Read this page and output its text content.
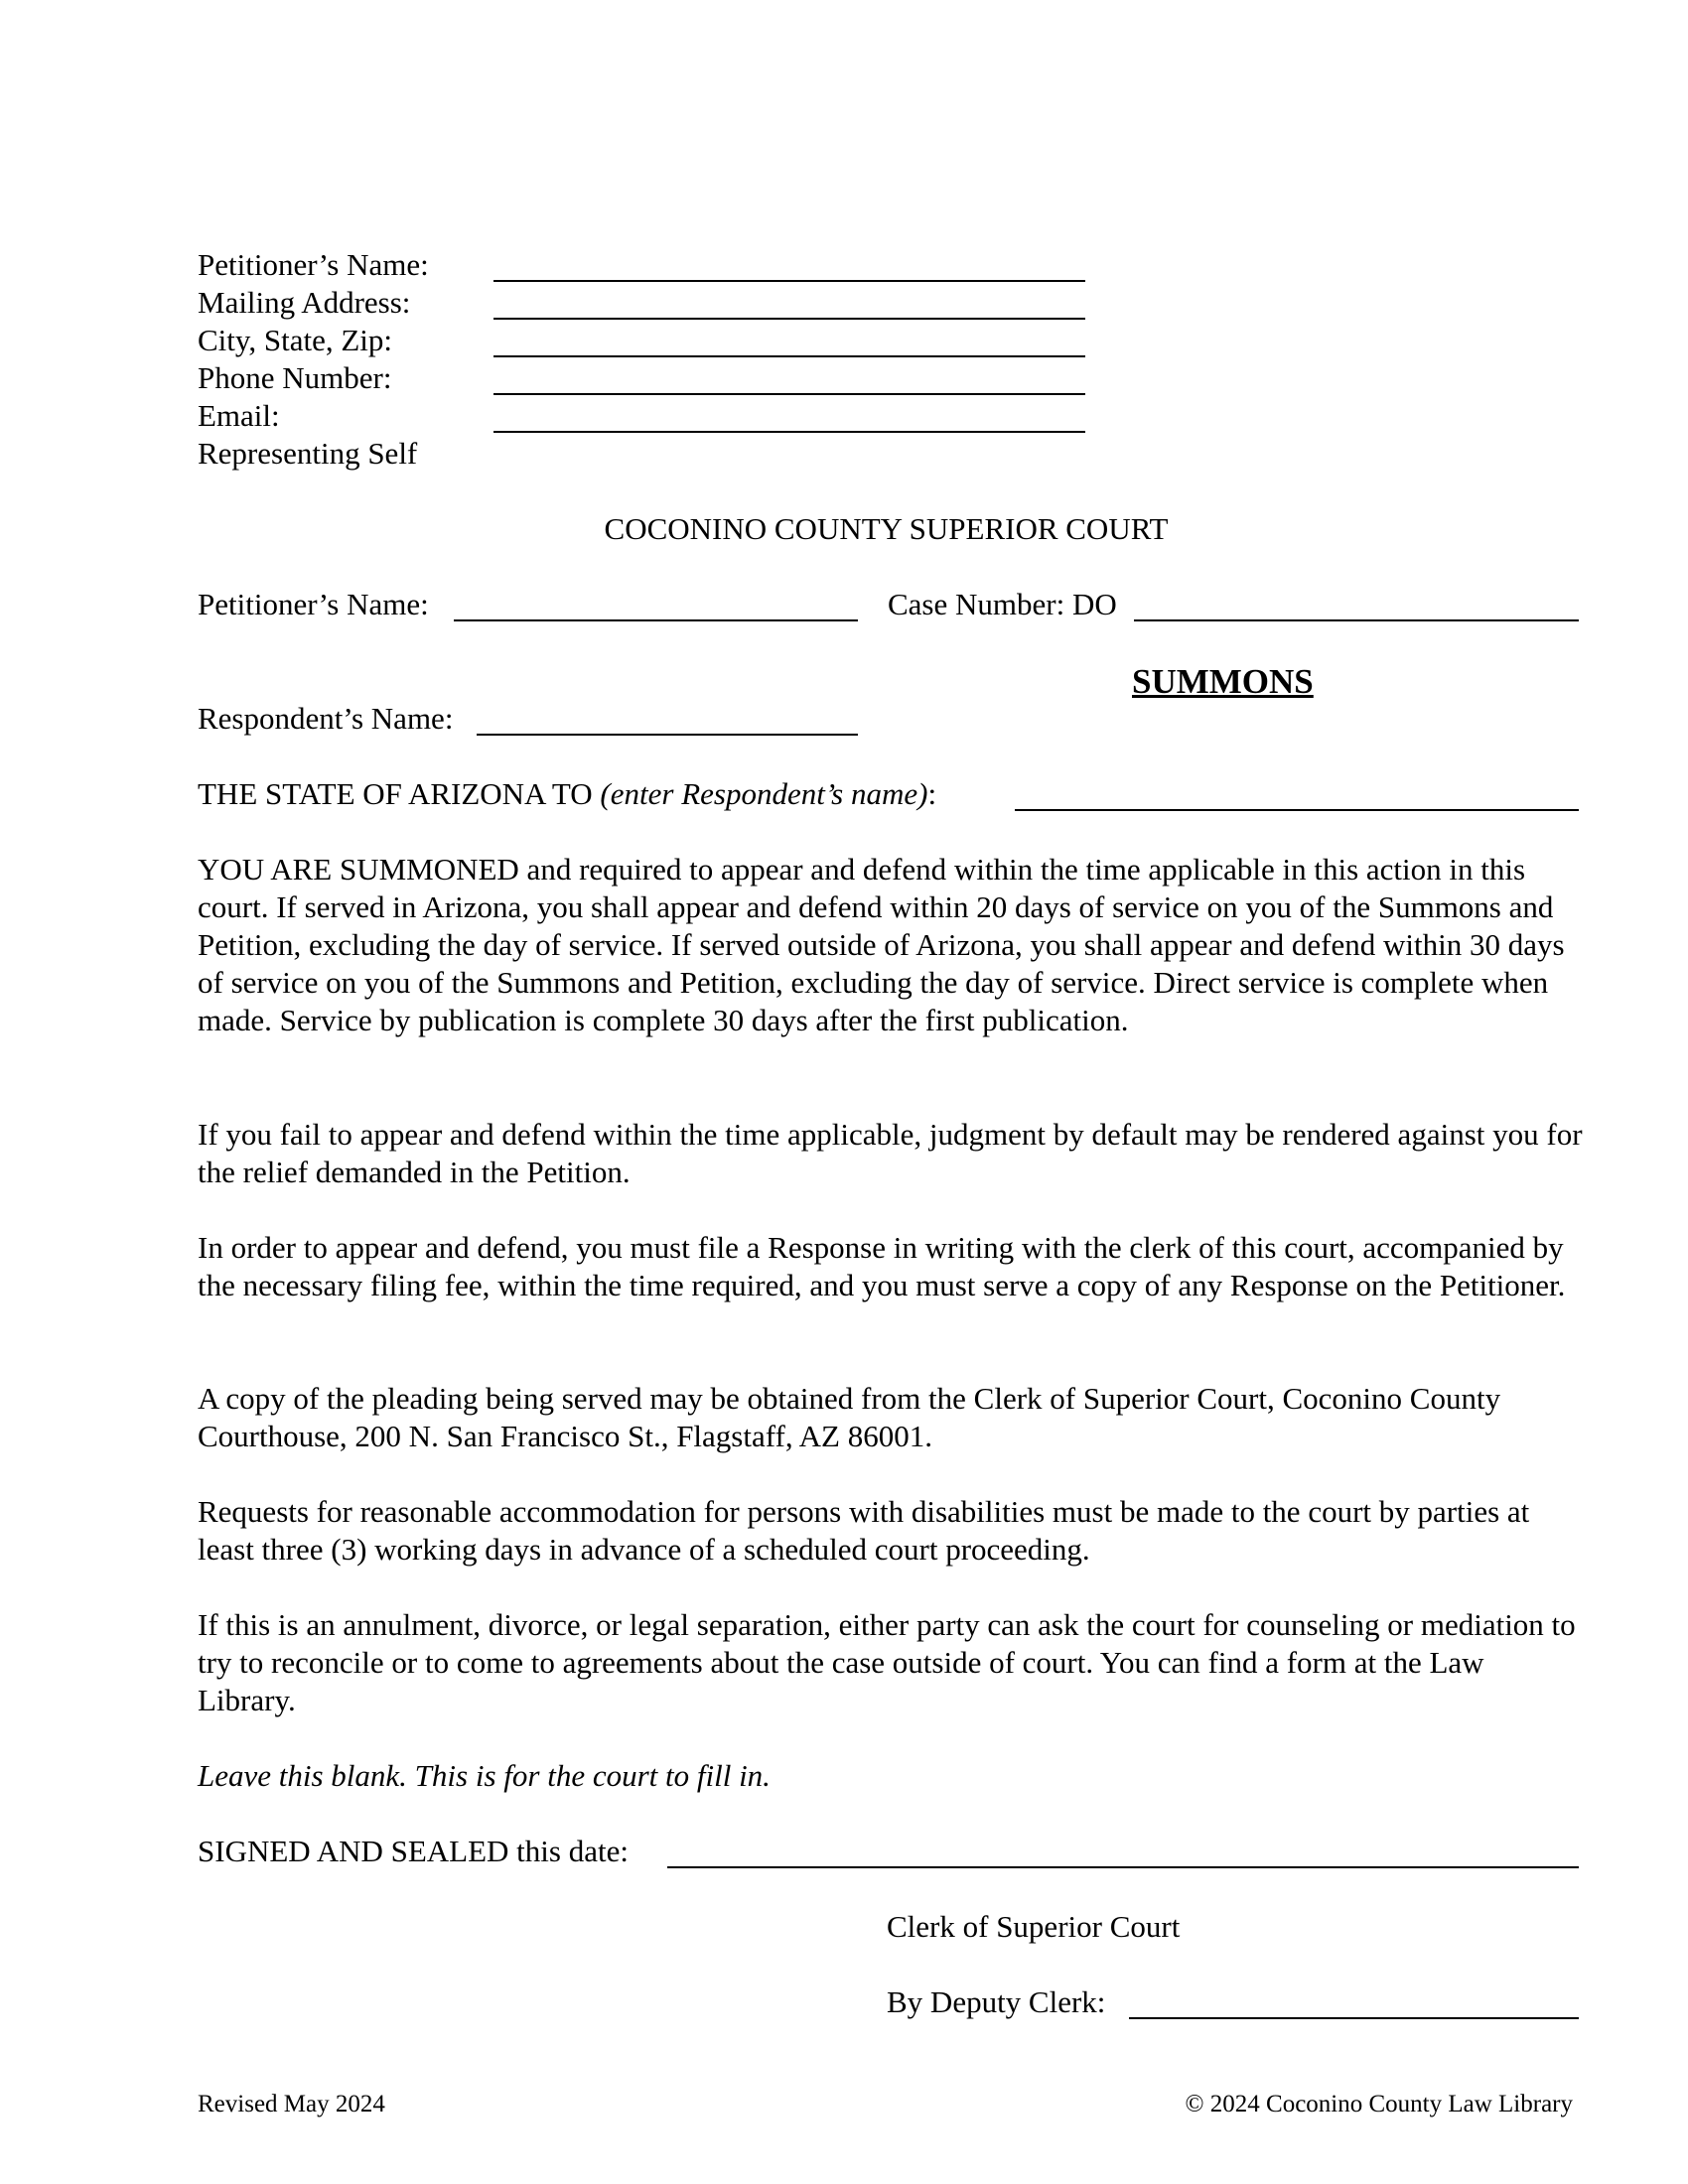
Petitioner’s Name:
Mailing Address:
City, State, Zip:
Phone Number:
Email:
Representing Self
COCONINO COUNTY SUPERIOR COURT
Petitioner’s Name:	Case Number: DO
SUMMONS
Respondent’s Name:
THE STATE OF ARIZONA TO (enter Respondent’s name):
YOU ARE SUMMONED and required to appear and defend within the time applicable in this action in this court. If served in Arizona, you shall appear and defend within 20 days of service on you of the Summons and Petition, excluding the day of service. If served outside of Arizona, you shall appear and defend within 30 days of service on you of the Summons and Petition, excluding the day of service. Direct service is complete when made. Service by publication is complete 30 days after the first publication.
If you fail to appear and defend within the time applicable, judgment by default may be rendered against you for the relief demanded in the Petition.
In order to appear and defend, you must file a Response in writing with the clerk of this court, accompanied by the necessary filing fee, within the time required, and you must serve a copy of any Response on the Petitioner.
A copy of the pleading being served may be obtained from the Clerk of Superior Court, Coconino County Courthouse, 200 N. San Francisco St., Flagstaff, AZ 86001.
Requests for reasonable accommodation for persons with disabilities must be made to the court by parties at least three (3) working days in advance of a scheduled court proceeding.
If this is an annulment, divorce, or legal separation, either party can ask the court for counseling or mediation to try to reconcile or to come to agreements about the case outside of court. You can find a form at the Law Library.
Leave this blank. This is for the court to fill in.
SIGNED AND SEALED this date:
Clerk of Superior Court
By Deputy Clerk:
Revised May 2024	© 2024 Coconino County Law Library
